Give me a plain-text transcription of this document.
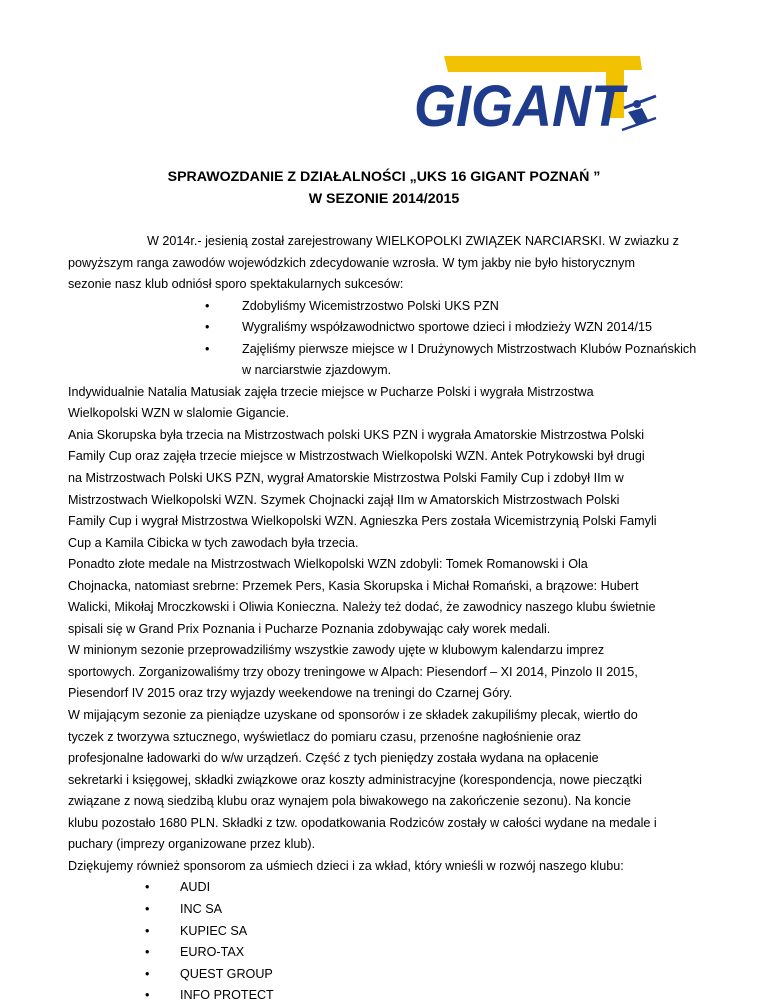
GIGANT
SPRAWOZDANIE Z DZIAŁALNOŚCI „UKS 16 GIGANT POZNAŃ ”
W SEZONIE 2014/2015
W 2014r.- jesienią został zarejestrowany WIELKOPOLKI ZWIĄZEK NARCIARSKI. W zwiazku z
powyższym ranga zawodów wojewódzkich zdecydowanie wzrosła. W tym jakby nie było historycznym
sezonie nasz klub odniósł sporo spektakularnych sukcesów:
• Zdobyliśmy Wicemistrzostwo Polski UKS PZN
• Wygraliśmy współzawodnictwo sportowe dzieci i młodzieży WZN 2014/15
• Zajęliśmy pierwsze miejsce w I Drużynowych Mistrzostwach Klubów Poznańskich
w narciarstwie zjazdowym.
Indywidualnie Natalia Matusiak zajęła trzecie miejsce w Pucharze Polski i wygrała Mistrzostwa
Wielkopolski WZN w slalomie Gigancie.
Ania Skorupska była trzecia na Mistrzostwach polski UKS PZN i wygrała Amatorskie Mistrzostwa Polski
Family Cup oraz zajęła trzecie miejsce w Mistrzostwach Wielkopolski WZN. Antek Potrykowski był drugi
na Mistrzostwach Polski UKS PZN, wygrał Amatorskie Mistrzostwa Polski Family Cup i zdobył IIm w
Mistrzostwach Wielkopolski WZN. Szymek Chojnacki zajął IIm w Amatorskich Mistrzostwach Polski
Family Cup i wygrał Mistrzostwa Wielkopolski WZN. Agnieszka Pers została Wicemistrzynią Polski Famyli
Cup a Kamila Cibicka w tych zawodach była trzecia.
Ponadto złote medale na Mistrzostwach Wielkopolski WZN zdobyli: Tomek Romanowski i Ola
Chojnacka, natomiast srebrne: Przemek Pers, Kasia Skorupska i Michał Romański, a brązowe: Hubert
Walicki, Mikołaj Mroczkowski i Oliwia Konieczna. Należy też dodać, że zawodnicy naszego klubu świetnie
spisali się w Grand Prix Poznania i Pucharze Poznania zdobywając cały worek medali.
W minionym sezonie przeprowadziliśmy wszystkie zawody ujęte w klubowym kalendarzu imprez
sportowych. Zorganizowaliśmy trzy obozy treningowe w Alpach: Piesendorf – XI 2014, Pinzolo II 2015,
Piesendorf IV 2015 oraz trzy wyjazdy weekendowe na treningi do Czarnej Góry.
W mijającym sezonie za pieniądze uzyskane od sponsorów i ze składek zakupiliśmy plecak, wiertło do
tyczek z tworzywa sztucznego, wyświetlacz do pomiaru czasu, przenośne nagłośnienie oraz
profesjonalne ładowarki do w/w urządzeń. Część z tych pieniędzy została wydana na opłacenie
sekretarki i księgowej, składki związkowe oraz koszty administracyjne (korespondencja, nowe pieczątki
związane z nową siedzibą klubu oraz wynajem pola biwakowego na zakończenie sezonu). Na koncie
klubu pozostało 1680 PLN. Składki z tzw. opodatkowania Rodziców zostały w całości wydane na medale i
puchary (imprezy organizowane przez klub).
Dziękujemy również sponsorom za uśmiech dzieci i za wkład, który wnieśli w rozwój naszego klubu:
• AUDI
• INC SA
• KUPIEC SA
• EURO-TAX
• QUEST GROUP
• INFO PROTECT
